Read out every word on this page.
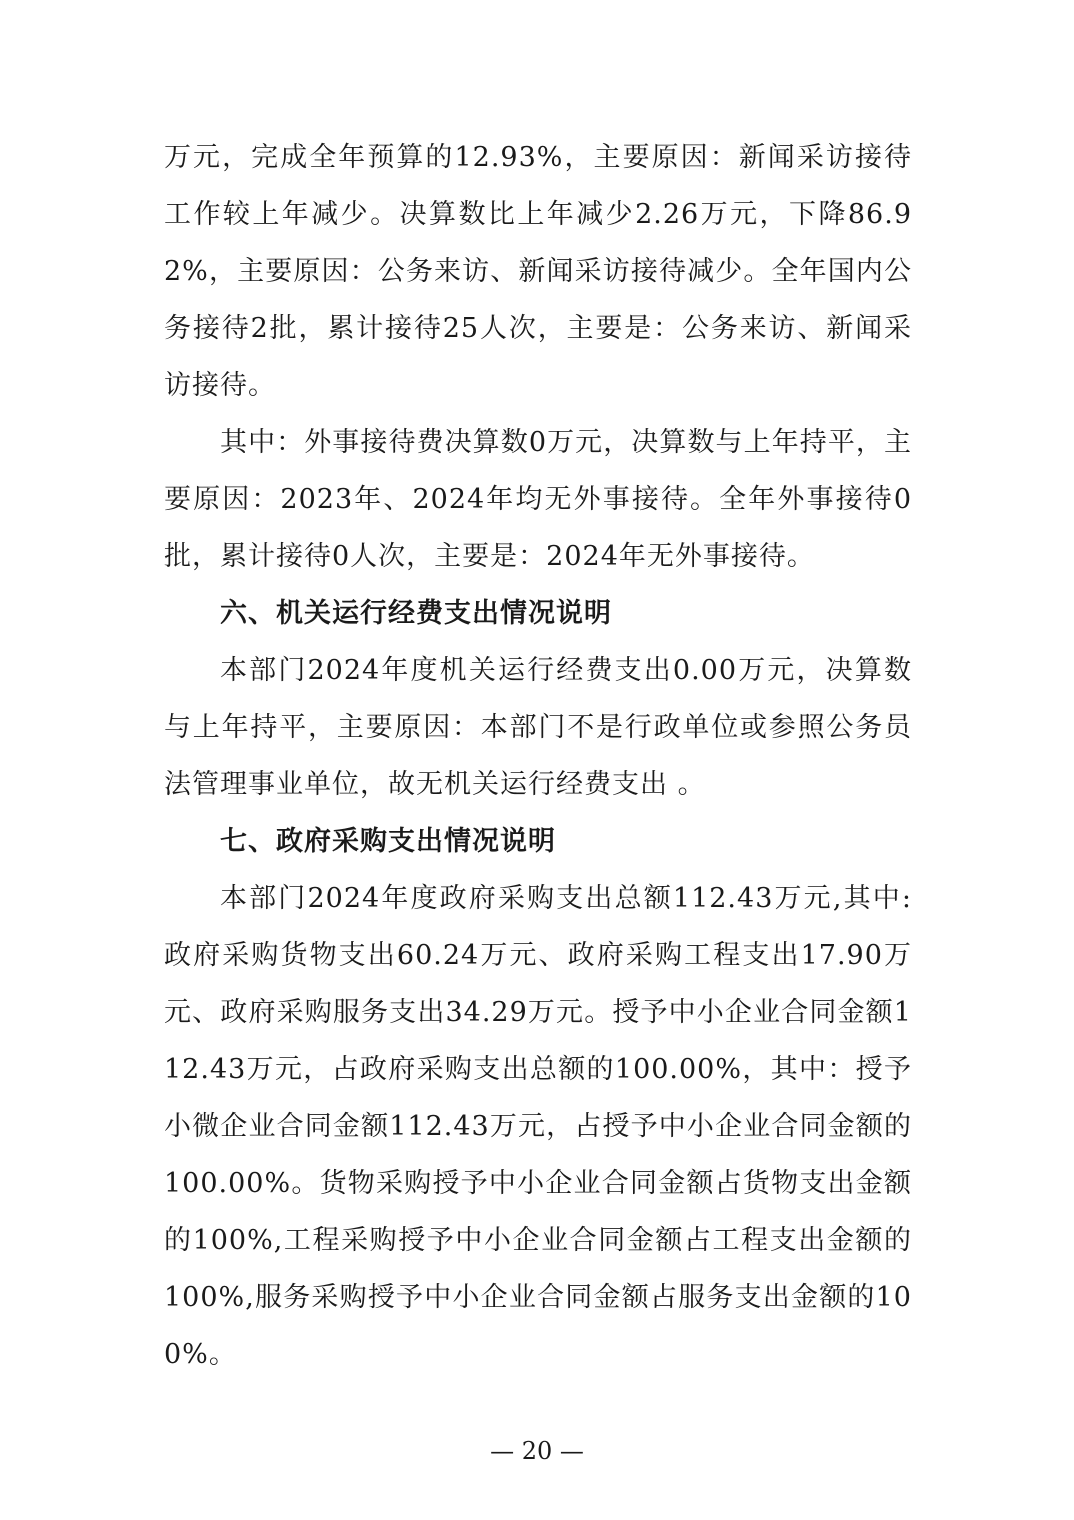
万元，完成全年预算的12.93%，主要原因：新闻采访接待工作较上年减少。决算数比上年减少2.26万元，下降86.92%，主要原因：公务来访、新闻采访接待减少。全年国内公务接待2批，累计接待25人次，主要是：公务来访、新闻采访接待。

其中：外事接待费决算数0万元，决算数与上年持平，主要原因：2023年、2024年均无外事接待。全年外事接待0批，累计接待0人次，主要是：2024年无外事接待。

六、机关运行经费支出情况说明

本部门2024年度机关运行经费支出0.00万元，决算数与上年持平，主要原因：本部门不是行政单位或参照公务员法管理事业单位，故无机关运行经费支出 。

七、政府采购支出情况说明

本部门2024年度政府采购支出总额112.43万元,其中:政府采购货物支出60.24万元、政府采购工程支出17.90万元、政府采购服务支出34.29万元。授予中小企业合同金额112.43万元，占政府采购支出总额的100.00%，其中：授予小微企业合同金额112.43万元，占授予中小企业合同金额的100.00%。货物采购授予中小企业合同金额占货物支出金额的100%,工程采购授予中小企业合同金额占工程支出金额的100%,服务采购授予中小企业合同金额占服务支出金额的100%。

— 20 —
